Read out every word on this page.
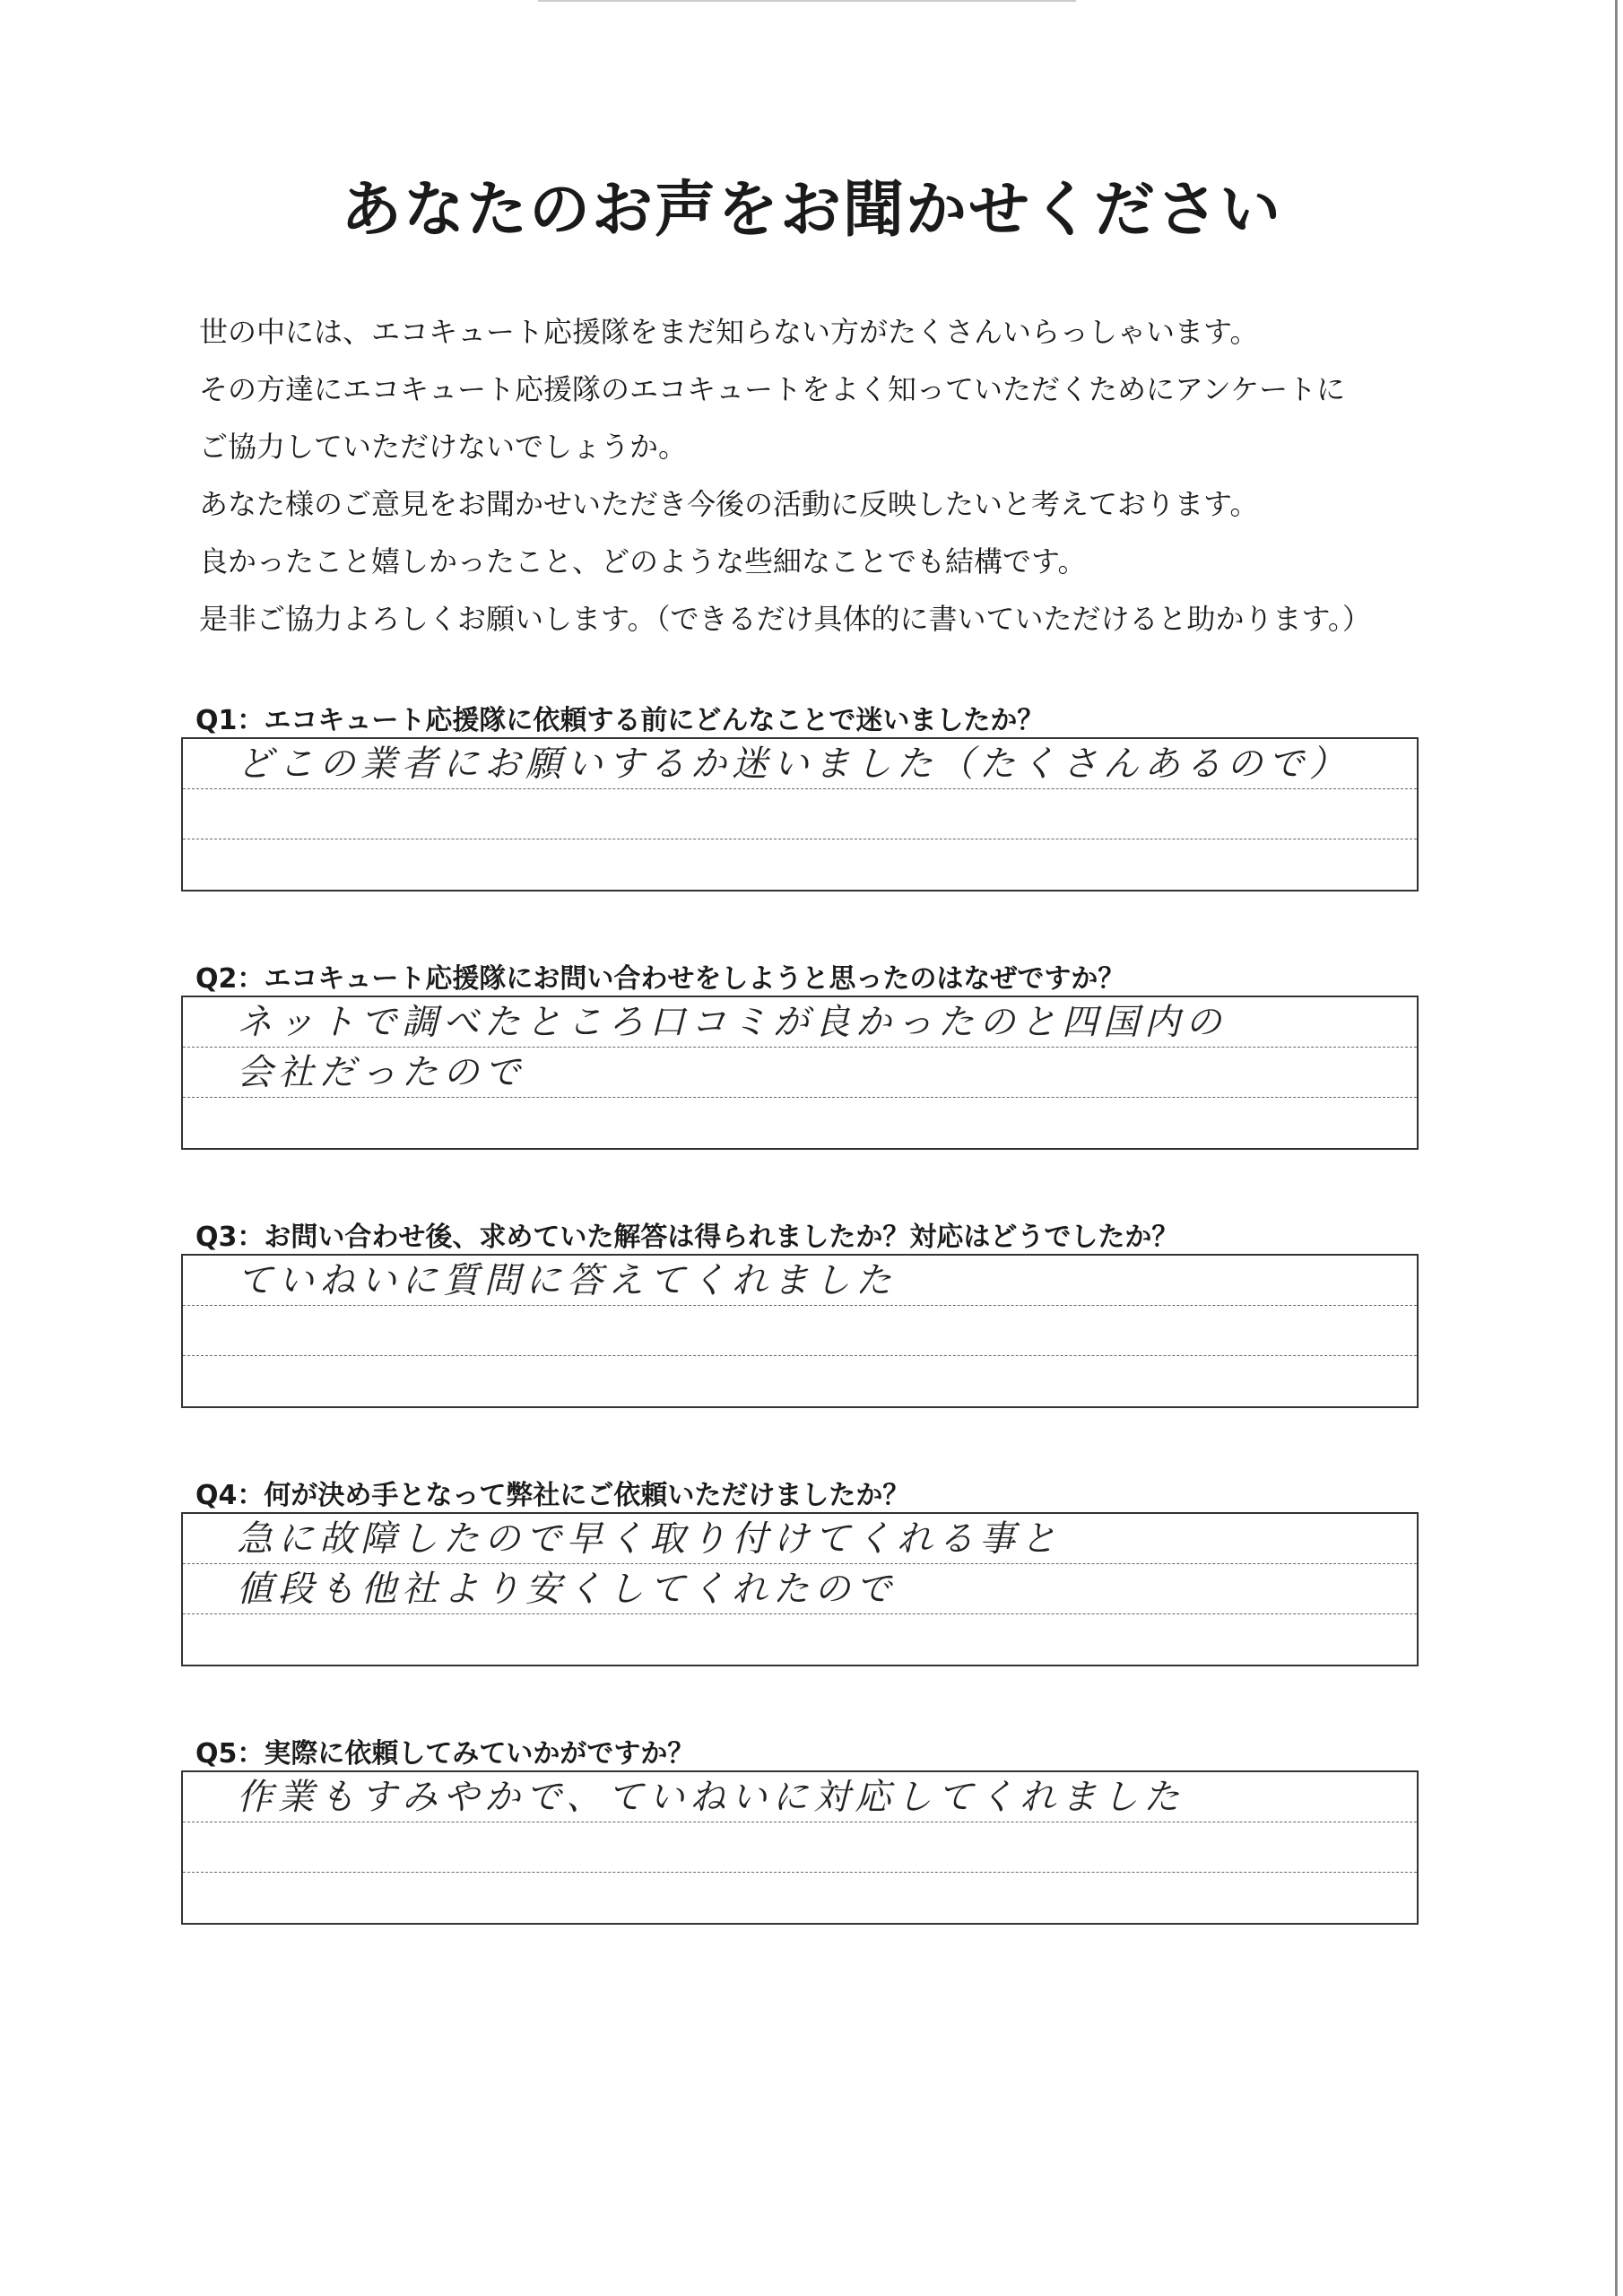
あなたのお声をお聞かせください
世の中には、エコキュート応援隊をまだ知らない方がたくさんいらっしゃいます。
その方達にエコキュート応援隊のエコキュートをよく知っていただくためにアンケートに
ご協力していただけないでしょうか。
あなた様のご意見をお聞かせいただき今後の活動に反映したいと考えております。
良かったこと嬉しかったこと、どのような些細なことでも結構です。
是非ご協力よろしくお願いします。（できるだけ具体的に書いていただけると助かります。）
Q1：エコキュート応援隊に依頼する前にどんなことで迷いましたか？
どこの業者にお願いするか迷いました（たくさんあるので）
Q2：エコキュート応援隊にお問い合わせをしようと思ったのはなぜですか？
ネットで調べたところ口コミが良かったのと四国内の
会社だったので
Q3：お問い合わせ後、求めていた解答は得られましたか？対応はどうでしたか？
ていねいに質問に答えてくれました
Q4：何が決め手となって弊社にご依頼いただけましたか？
急に故障したので早く取り付けてくれる事と
値段も他社より安くしてくれたので
Q5：実際に依頼してみていかがですか？
作業もすみやかで、ていねいに対応してくれました
